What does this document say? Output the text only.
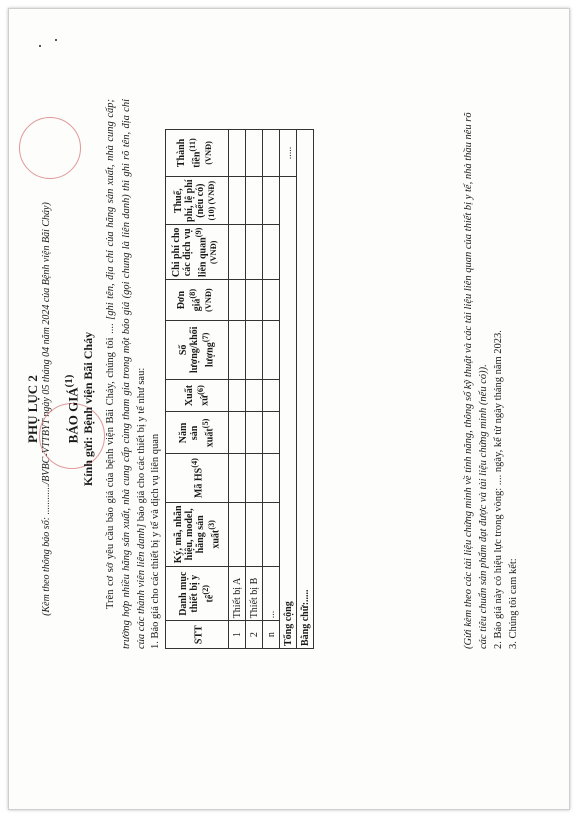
PHỤ LỤC 2 (Kèm theo thông báo số: ............/BVBC-VTTBYT ngày 05 tháng 04 năm 2024 của Bệnh viện Bãi Cháy) BÁO GIÁ$^{(1)}$ Kính gửi: Bệnh viện Bãi Cháy Trên cơ sở yêu cầu báo giá của bệnh viện Bãi Cháy, chúng tôi .... [ghi tên, địa chỉ của hãng sản xuất, nhà cung cấp; trường hợp nhiều hãng sản xuất, nhà cung cấp cùng tham gia trong một báo giá (gọi chung là liên danh) thì ghi rõ tên, địa chỉ của các thành viên liên danh] báo giá cho các thiết bị y tế như sau: 1. Báo giá cho các thiết bị y tế và dịch vụ liên quan	STT	Danh mục thiết bị y tế$^{(2)}$	Ký, mã, nhãn hiệu, model, hãng sản xuất$^{(3)}$	Mã HS$^{(4)}$	Năm sản xuất$^{(5)}$	Xuất xứ$^{(6)}$	Số lượng/khối lượng$^{(7)}$	Đơn giá$^{(8) (VNĐ)}$	Chi phí cho các dịch vụ liên quan$^{(9) (VNĐ)}$	Thuế, phí, lệ phí (nếu có)$^{(10) (VNĐ)}$	Thành tiền$^{(11) (VNĐ)}$
1	Thiết bị A									
2	Thiết bị B									
n	...									
Tổng cộng										.....
Bằng chữ:.....											(Gửi kèm theo các tài liệu chứng minh về tính năng, thông số kỹ thuật và các tài liệu liên quan của thiết bị y tế, nhà thầu nêu rõ các tiêu chuẩn sản phẩm đạt được và tài liệu chứng minh (nếu có)). 2. Báo giá này có hiệu lực trong vòng: .... ngày, kể từ ngày tháng năm 2023. 3. Chúng tôi cam kết:
